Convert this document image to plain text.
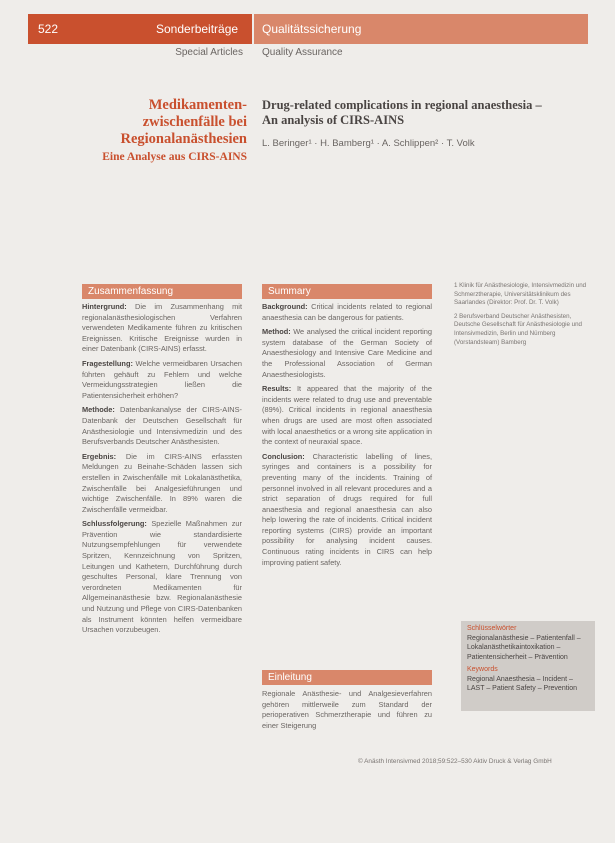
522	Sonderbeiträge Qualitätssicherung
Special Articles Quality Assurance
Medikamenten-
zwischenfälle bei
Regionalanästhesien
Eine Analyse aus CIRS-AINS
Drug-related complications in regional anaesthesia –
An analysis of CIRS-AINS
L. Beringer¹ · H. Bamberg¹ · A. Schlippen² · T. Volk
Zusammenfassung

Hintergrund: Die im Zusammenhang mit regionalanästhesiologischen Verfahren verwendeten Medikamente führen zu kritischen Ereignissen. Kritische Ereignisse wurden in einer Datenbank (CIRS-AINS) erfasst.

Fragestellung: Welche vermeidbaren Ursachen führten gehäuft zu Fehlern und welche Vermeidungsstrategien ließen die Patientensicherheit erhöhen?

Methode: Datenbankanalyse der CIRS-AINS-Datenbank der Deutschen Gesellschaft für Anästhesiologie und Intensivmedizin und des Berufsverbands Deutscher Anästhesisten.

Ergebnis: Die im CIRS-AINS erfassten Meldungen zu Beinahe-Schäden lassen sich erstellen in Zwischenfälle mit Lokalanästhetika, Zwischenfälle bei Analgesieführungen und wichtige Zwischenfälle. In 89% waren die Zwischenfälle vermeidbar.

Schlussfolgerung: Spezielle Maßnahmen zur Prävention wie standardisierte Nutzungsempfehlungen für verwendete Spritzen, Kennzeichnung von Spritzen, Leitungen und Kathetern, Durchführung durch geschultes Personal, klare Trennung von verordneten Medikamenten für Allgemeinanästhesie bzw. Regionalanästhesie und Nutzung und Pflege von CIRS-Datenbanken als Instrument könnten helfen vermeidbare Ursachen vorzubeugen.

Summary

Background: Critical incidents related to regional anaesthesia can be dangerous for patients.

Method: We analysed the critical incident reporting system database of the German Society of Anaesthesiology and Intensive Care Medicine and the Professional Association of German Anaesthesiologists.

Results: It appeared that the majority of the incidents were related to drug use and preventable (89%). Critical incidents in regional anaesthesia when drugs are used are most often associated with local anaesthetics or a wrong site application in the context of neuraxial space.

Conclusion: Characteristic labelling of lines, syringes and containers is a possibility for preventing many of the incidents. Training of personnel involved in all relevant procedures and a strict separation of drugs required for full anaesthesia and regional anaesthesia can also help lowering the rate of incidents. Critical incident reporting systems (CIRS) provide an important possibility for analysing incident causes. Continuous rating incidents in CIRS can help improving patient safety.

Einleitung
Regionale Anästhesie- und Analgesieverfahren gehören mittlerweile zum Standard der perioperativen Schmerztherapie und führen zu einer Steigerung
1 Klinik für Anästhesiologie, Intensivmedizin und Schmerztherapie, Universitätsklinikum des Saarlandes (Direktor: Prof. Dr. T. Volk)
2 Berufsverband Deutscher Anästhesisten, Deutsche Gesellschaft für Anästhesiologie und Intensivmedizin, Berlin und Nürnberg (Vorstandsteam) Bamberg
Schlüsselwörter
Regionalanästhesie – Patientenfall – Lokalanästhetikaintoxikation – Patientensicherheit – Prävention
Keywords
Regional Anaesthesia – Incident – LAST – Patient Safety – Prevention
© Anästh Intensivmed 2018;59:522–530 Aktiv Druck & Verlag GmbH
